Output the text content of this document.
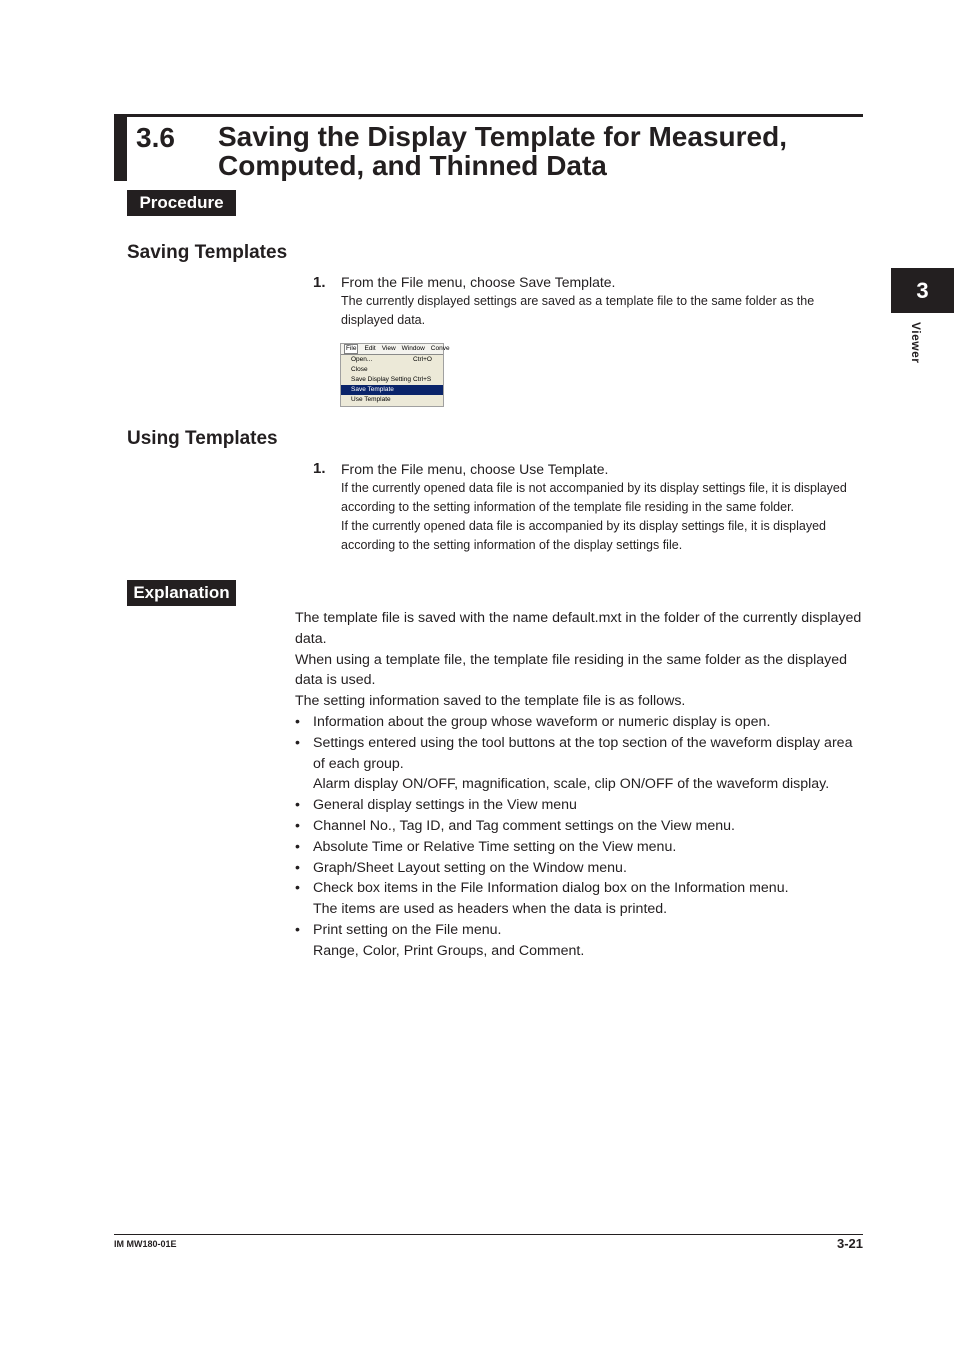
3.6 Saving the Display Template for Measured, Computed, and Thinned Data
Procedure
Saving Templates
1. From the File menu, choose Save Template.
The currently displayed settings are saved as a template file to the same folder as the displayed data.
File	Edit View Window Conve
Open...	Ctrl+O
Close
Save Display Setting Ctrl+S
Save Template
Use Template
Using Templates
1. From the File menu, choose Use Template.
If the currently opened data file is not accompanied by its display settings file, it is displayed according to the setting information of the template file residing in the same folder.
If the currently opened data file is accompanied by its display settings file, it is displayed according to the setting information of the display settings file.
Explanation

The template file is saved with the name default.mxt in the folder of the currently displayed data.

When using a template file, the template file residing in the same folder as the displayed data is used.

The setting information saved to the template file is as follows.

• Information about the group whose waveform or numeric display is open.
• Settings entered using the tool buttons at the top section of the waveform display area of each group.
Alarm display ON/OFF, magnification, scale, clip ON/OFF of the waveform display.
• General display settings in the View menu
• Channel No., Tag ID, and Tag comment settings on the View menu.
• Absolute Time or Relative Time setting on the View menu.
• Graph/Sheet Layout setting on the Window menu.
• Check box items in the File Information dialog box on the Information menu.
The items are used as headers when the data is printed.
• Print setting on the File menu.
Range, Color, Print Groups, and Comment.
3
Viewer
IM MW180-01E	3-21
